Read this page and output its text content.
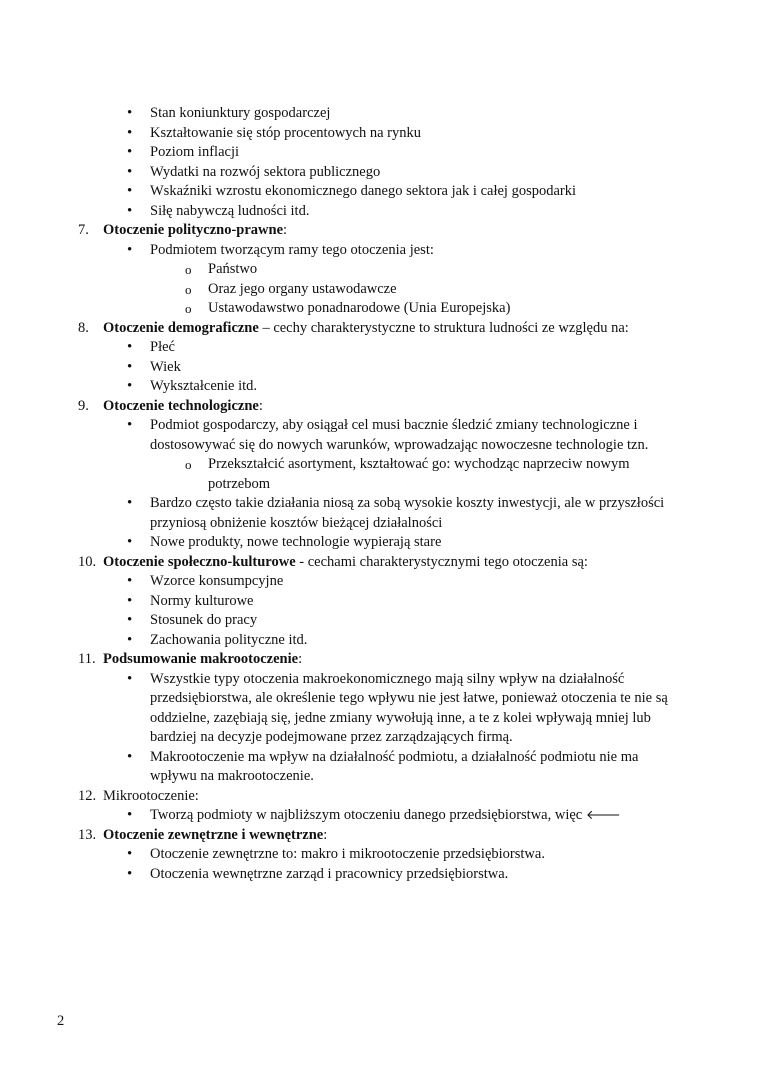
• Stan koniunktury gospodarczej
• Kształtowanie się stóp procentowych na rynku
• Poziom inflacji
• Wydatki na rozwój sektora publicznego
• Wskaźniki wzrostu ekonomicznego danego sektora jak i całej gospodarki
• Siłę nabywczą ludności itd.
7. Otoczenie polityczno-prawne:
• Podmiotem tworzącym ramy tego otoczenia jest:
o Państwo
o Oraz jego organy ustawodawcze
o Ustawodawstwo ponadnarodowe (Unia Europejska)
8. Otoczenie demograficzne – cechy charakterystyczne to struktura ludności ze względu na:
• Płeć
• Wiek
• Wykształcenie itd.
9. Otoczenie technologiczne:
• Podmiot gospodarczy, aby osiągał cel musi bacznie śledzić zmiany technologiczne i
dostosowywać się do nowych warunków, wprowadzając nowoczesne technologie tzn.
o Przekształcić asortyment, kształtować go: wychodząc naprzeciw nowym
potrzebom
• Bardzo często takie działania niosą za sobą wysokie koszty inwestycji, ale w przyszłości
przyniosą obniżenie kosztów bieżącej działalności
• Nowe produkty, nowe technologie wypierają stare
10. Otoczenie społeczno-kulturowe - cechami charakterystycznymi tego otoczenia są:
• Wzorce konsumpcyjne
• Normy kulturowe
• Stosunek do pracy
• Zachowania polityczne itd.
11. Podsumowanie makrootoczenie:
• Wszystkie typy otoczenia makroekonomicznego mają silny wpływ na działalność
przedsiębiorstwa, ale określenie tego wpływu nie jest łatwe, ponieważ otoczenia te nie są
oddzielne, zazębiają się, jedne zmiany wywołują inne, a te z kolei wpływają mniej lub
bardziej na decyzje podejmowane przez zarządzających firmą.
• Makrootoczenie ma wpływ na działalność podmiotu, a działalność podmiotu nie ma
wpływu na makrootoczenie.
12. Mikrootoczenie:
• Tworzą podmioty w najbliższym otoczeniu danego przedsiębiorstwa, więc 🡐
13. Otoczenie zewnętrzne i wewnętrzne:
• Otoczenie zewnętrzne to: makro i mikrootoczenie przedsiębiorstwa.
• Otoczenia wewnętrzne zarząd i pracownicy przedsiębiorstwa.
2
